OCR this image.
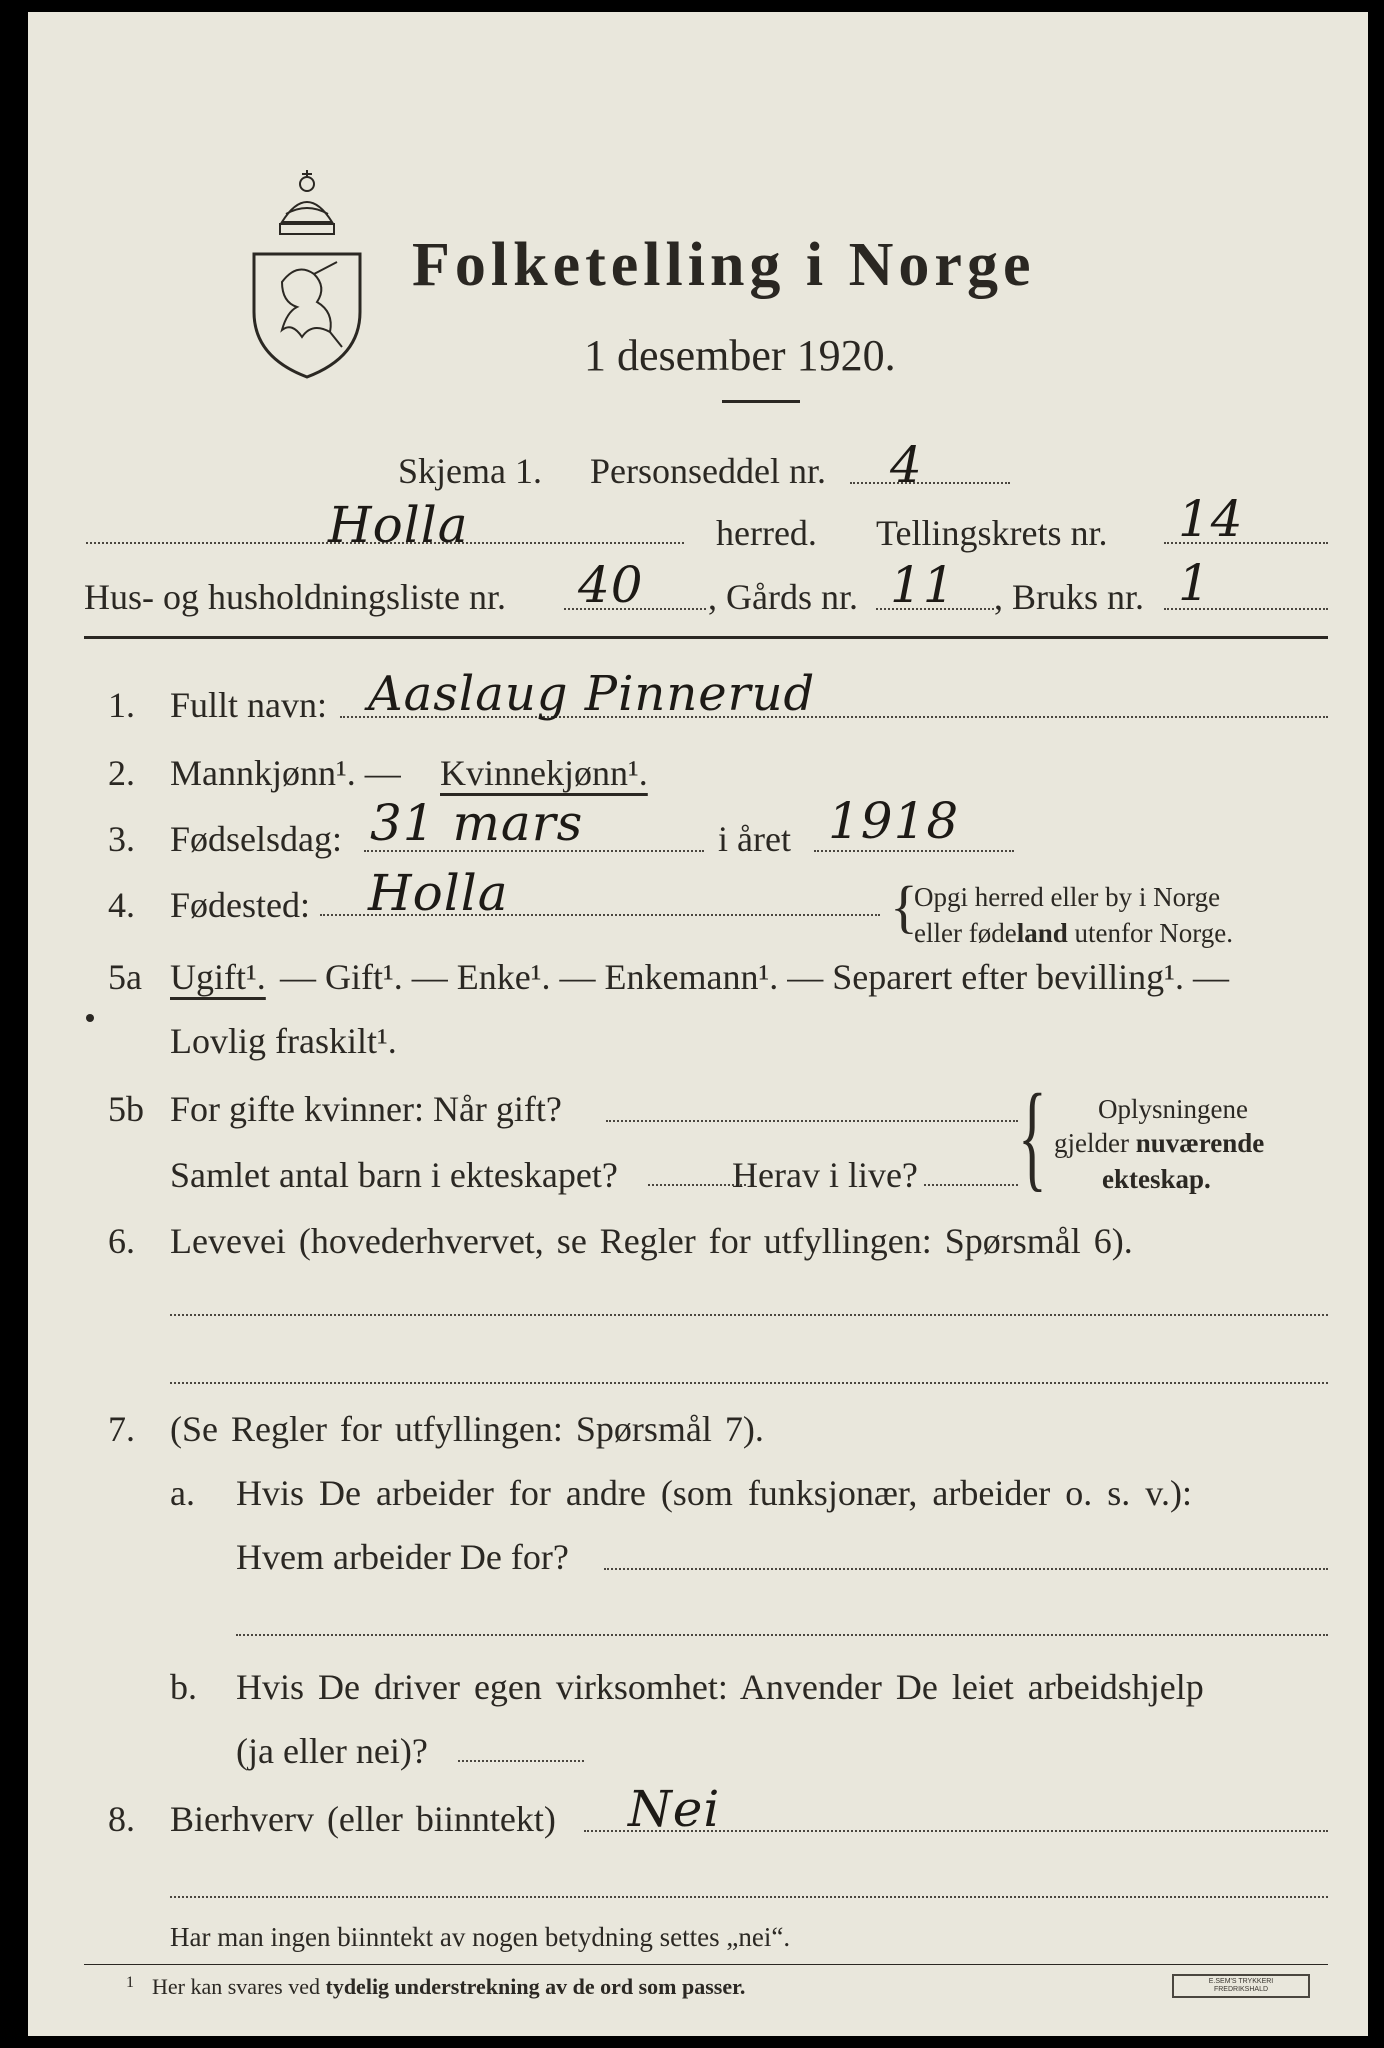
Folketelling i Norge
1 desember 1920.
Skjema 1. Personseddel nr. 4
Holla	herred. Tellingskrets nr. 14
Hus- og husholdningsliste nr. 40 , Gårds nr. 11 , Bruks nr. 1
1. Fullt navn: Aaslaug Pinnerud
2. Mannkjønn¹. — Kvinnekjønn¹.
3. Fødselsdag: 31 mars	i året 1918
4. Fødested: Holla	{
Opgi herred eller by i Norge
eller fødeland utenfor Norge.
5a Ugift¹. — Gift¹. — Enke¹. — Enkemann¹. — Separert efter bevilling¹. —
Lovlig fraskilt¹.
5b For gifte kvinner: Når gift?
Samlet antal barn i ekteskapet?	Herav i live? { Oplysningene
gjelder nuværende
ekteskap.
6. Levevei (hovederhvervet, se Regler for utfyllingen: Spørsmål 6).
7. (Se Regler for utfyllingen: Spørsmål 7).
a. Hvis De arbeider for andre (som funksjonær, arbeider o. s. v.):
Hvem arbeider De for?
b. Hvis De driver egen virksomhet: Anvender De leiet arbeidshjelp
(ja eller nei)?
8. Bierhverv (eller biinntekt) Nei
Har man ingen biinntekt av nogen betydning settes „nei“.
1 Her kan svares ved tydelig understrekning av de ord som passer.	E.SEM'S TRYKKERI
FREDRIKSHALD
